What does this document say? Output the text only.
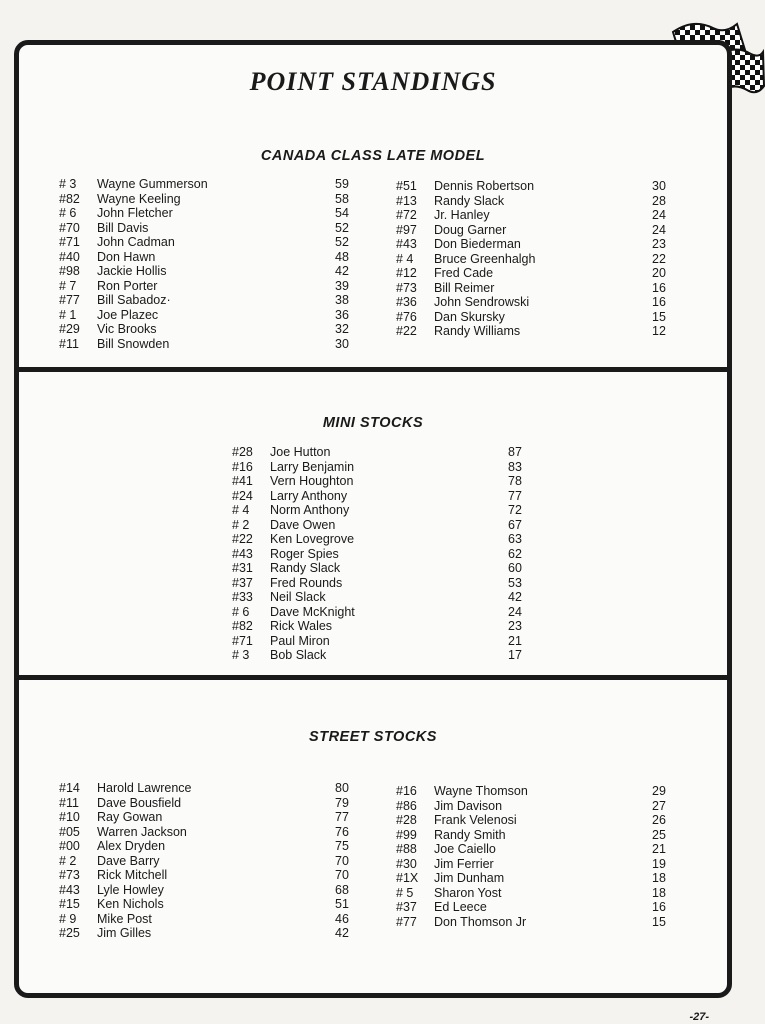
POINT STANDINGS
CANADA CLASS LATE MODEL
# 3 Wayne Gummerson	59
#82 Wayne Keeling	58
# 6 John Fletcher	54
#70 Bill Davis	52
#71 John Cadman	52
#40 Don Hawn	48
#98 Jackie Hollis	42
# 7 Ron Porter	39
#77 Bill Sabadoz·	38
# 1 Joe Plazec	36
#29 Vic Brooks	32
#11 Bill Snowden	30
#51 Dennis Robertson	30
#13 Randy Slack	28
#72 Jr. Hanley	24
#97 Doug Garner	24
#43 Don Biederman	23
# 4 Bruce Greenhalgh	22
#12 Fred Cade	20
#73 Bill Reimer	16
#36 John Sendrowski	16
#76 Dan Skursky	15
#22 Randy Williams	12
MINI STOCKS
#28 Joe Hutton	87
#16 Larry Benjamin	83
#41 Vern Houghton	78
#24 Larry Anthony	77
# 4 Norm Anthony	72
# 2 Dave Owen	67
#22 Ken Lovegrove	63
#43 Roger Spies	62
#31 Randy Slack	60
#37 Fred Rounds	53
#33 Neil Slack	42
# 6 Dave McKnight	24
#82 Rick Wales	23
#71 Paul Miron	21
# 3 Bob Slack	17
STREET STOCKS
#14 Harold Lawrence	80
#11 Dave Bousfield	79
#10 Ray Gowan	77
#05 Warren Jackson	76
#00 Alex Dryden	75
# 2 Dave Barry	70
#73 Rick Mitchell	70
#43 Lyle Howley	68
#15 Ken Nichols	51
# 9 Mike Post	46
#25 Jim Gilles	42
#16 Wayne Thomson	29
#86 Jim Davison	27
#28 Frank Velenosi	26
#99 Randy Smith	25
#88 Joe Caiello	21
#30 Jim Ferrier	19
#1X Jim Dunham	18
# 5 Sharon Yost	18
#37 Ed Leece	16
#77 Don Thomson Jr	15
-27-
